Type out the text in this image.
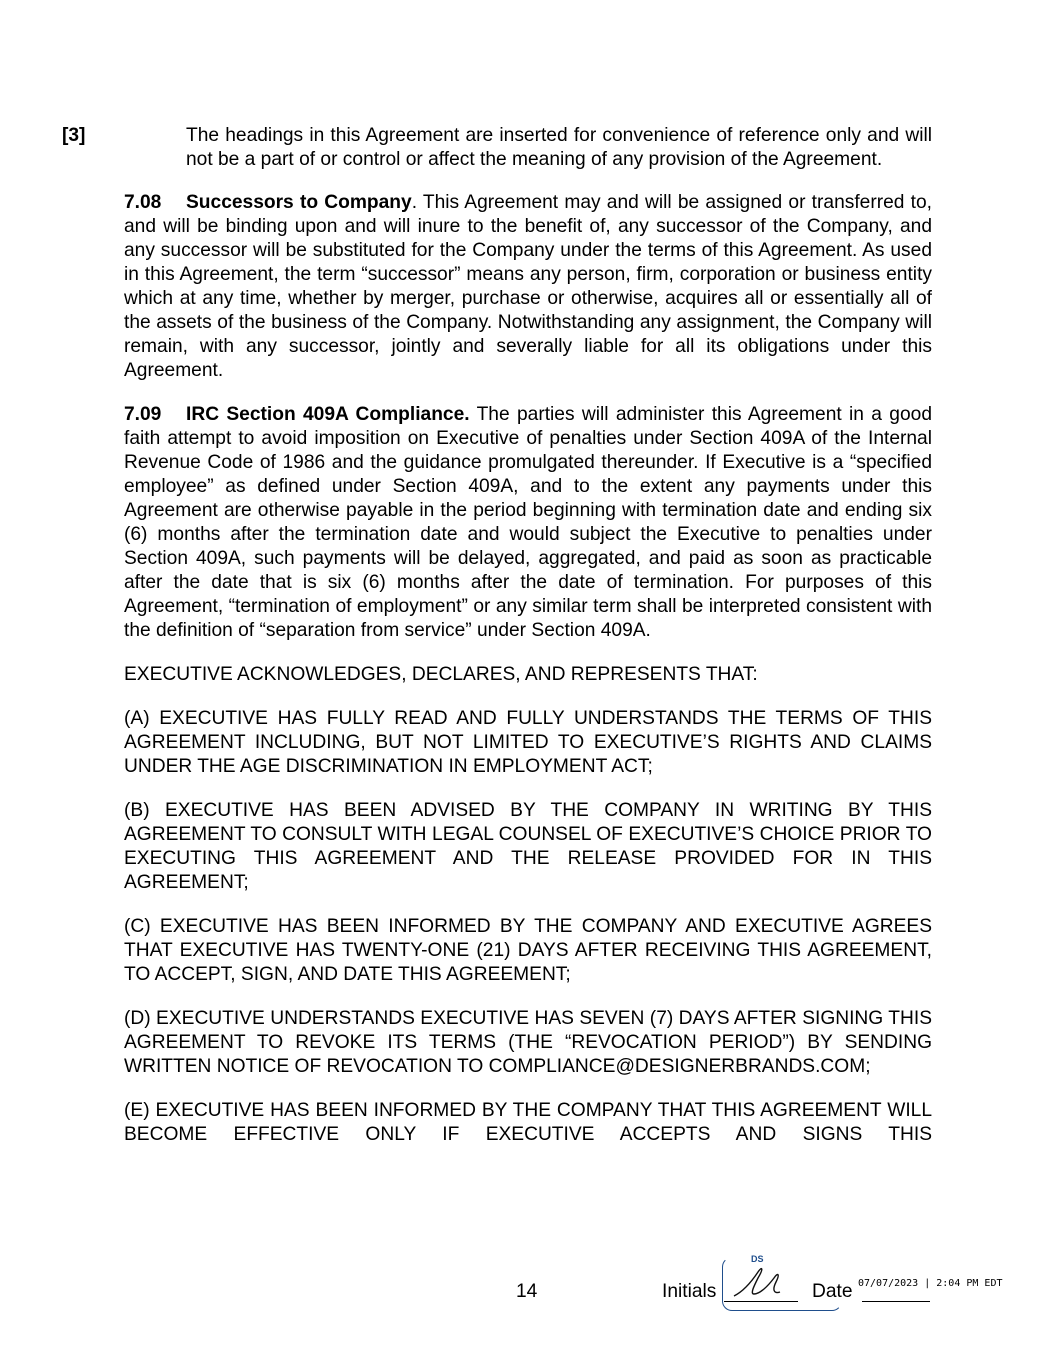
[3]	The headings in this Agreement are inserted for convenience of reference only and will not be a part of or control or affect the meaning of any provision of the Agreement.

7.08 Successors to Company. This Agreement may and will be assigned or transferred to, and will be binding upon and will inure to the benefit of, any successor of the Company, and any successor will be substituted for the Company under the terms of this Agreement. As used in this Agreement, the term “successor” means any person, firm, corporation or business entity which at any time, whether by merger, purchase or otherwise, acquires all or essentially all of the assets of the business of the Company. Notwithstanding any assignment, the Company will remain, with any successor, jointly and severally liable for all its obligations under this Agreement.

7.09 IRC Section 409A Compliance. The parties will administer this Agreement in a good faith attempt to avoid imposition on Executive of penalties under Section 409A of the Internal Revenue Code of 1986 and the guidance promulgated thereunder. If Executive is a “specified employee” as defined under Section 409A, and to the extent any payments under this Agreement are otherwise payable in the period beginning with termination date and ending six (6) months after the termination date and would subject the Executive to penalties under Section 409A, such payments will be delayed, aggregated, and paid as soon as practicable after the date that is six (6) months after the date of termination. For purposes of this Agreement, “termination of employment” or any similar term shall be interpreted consistent with the definition of “separation from service” under Section 409A.

EXECUTIVE ACKNOWLEDGES, DECLARES, AND REPRESENTS THAT:

(A) EXECUTIVE HAS FULLY READ AND FULLY UNDERSTANDS THE TERMS OF THIS AGREEMENT INCLUDING, BUT NOT LIMITED TO EXECUTIVE’S RIGHTS AND CLAIMS UNDER THE AGE DISCRIMINATION IN EMPLOYMENT ACT;

(B) EXECUTIVE HAS BEEN ADVISED BY THE COMPANY IN WRITING BY THIS AGREEMENT TO CONSULT WITH LEGAL COUNSEL OF EXECUTIVE’S CHOICE PRIOR TO EXECUTING THIS AGREEMENT AND THE RELEASE PROVIDED FOR IN THIS AGREEMENT;

(C) EXECUTIVE HAS BEEN INFORMED BY THE COMPANY AND EXECUTIVE AGREES THAT EXECUTIVE HAS TWENTY-ONE (21) DAYS AFTER RECEIVING THIS AGREEMENT, TO ACCEPT, SIGN, AND DATE THIS AGREEMENT;

(D) EXECUTIVE UNDERSTANDS EXECUTIVE HAS SEVEN (7) DAYS AFTER SIGNING THIS AGREEMENT TO REVOKE ITS TERMS (THE “REVOCATION PERIOD”) BY SENDING WRITTEN NOTICE OF REVOCATION TO COMPLIANCE@DESIGNERBRANDS.COM;

(E) EXECUTIVE HAS BEEN INFORMED BY THE COMPANY THAT THIS AGREEMENT WILL BECOME EFFECTIVE ONLY IF EXECUTIVE ACCEPTS AND SIGNS THIS

14	Initials
DS
Date 07/07/2023 | 2:04 PM EDT
